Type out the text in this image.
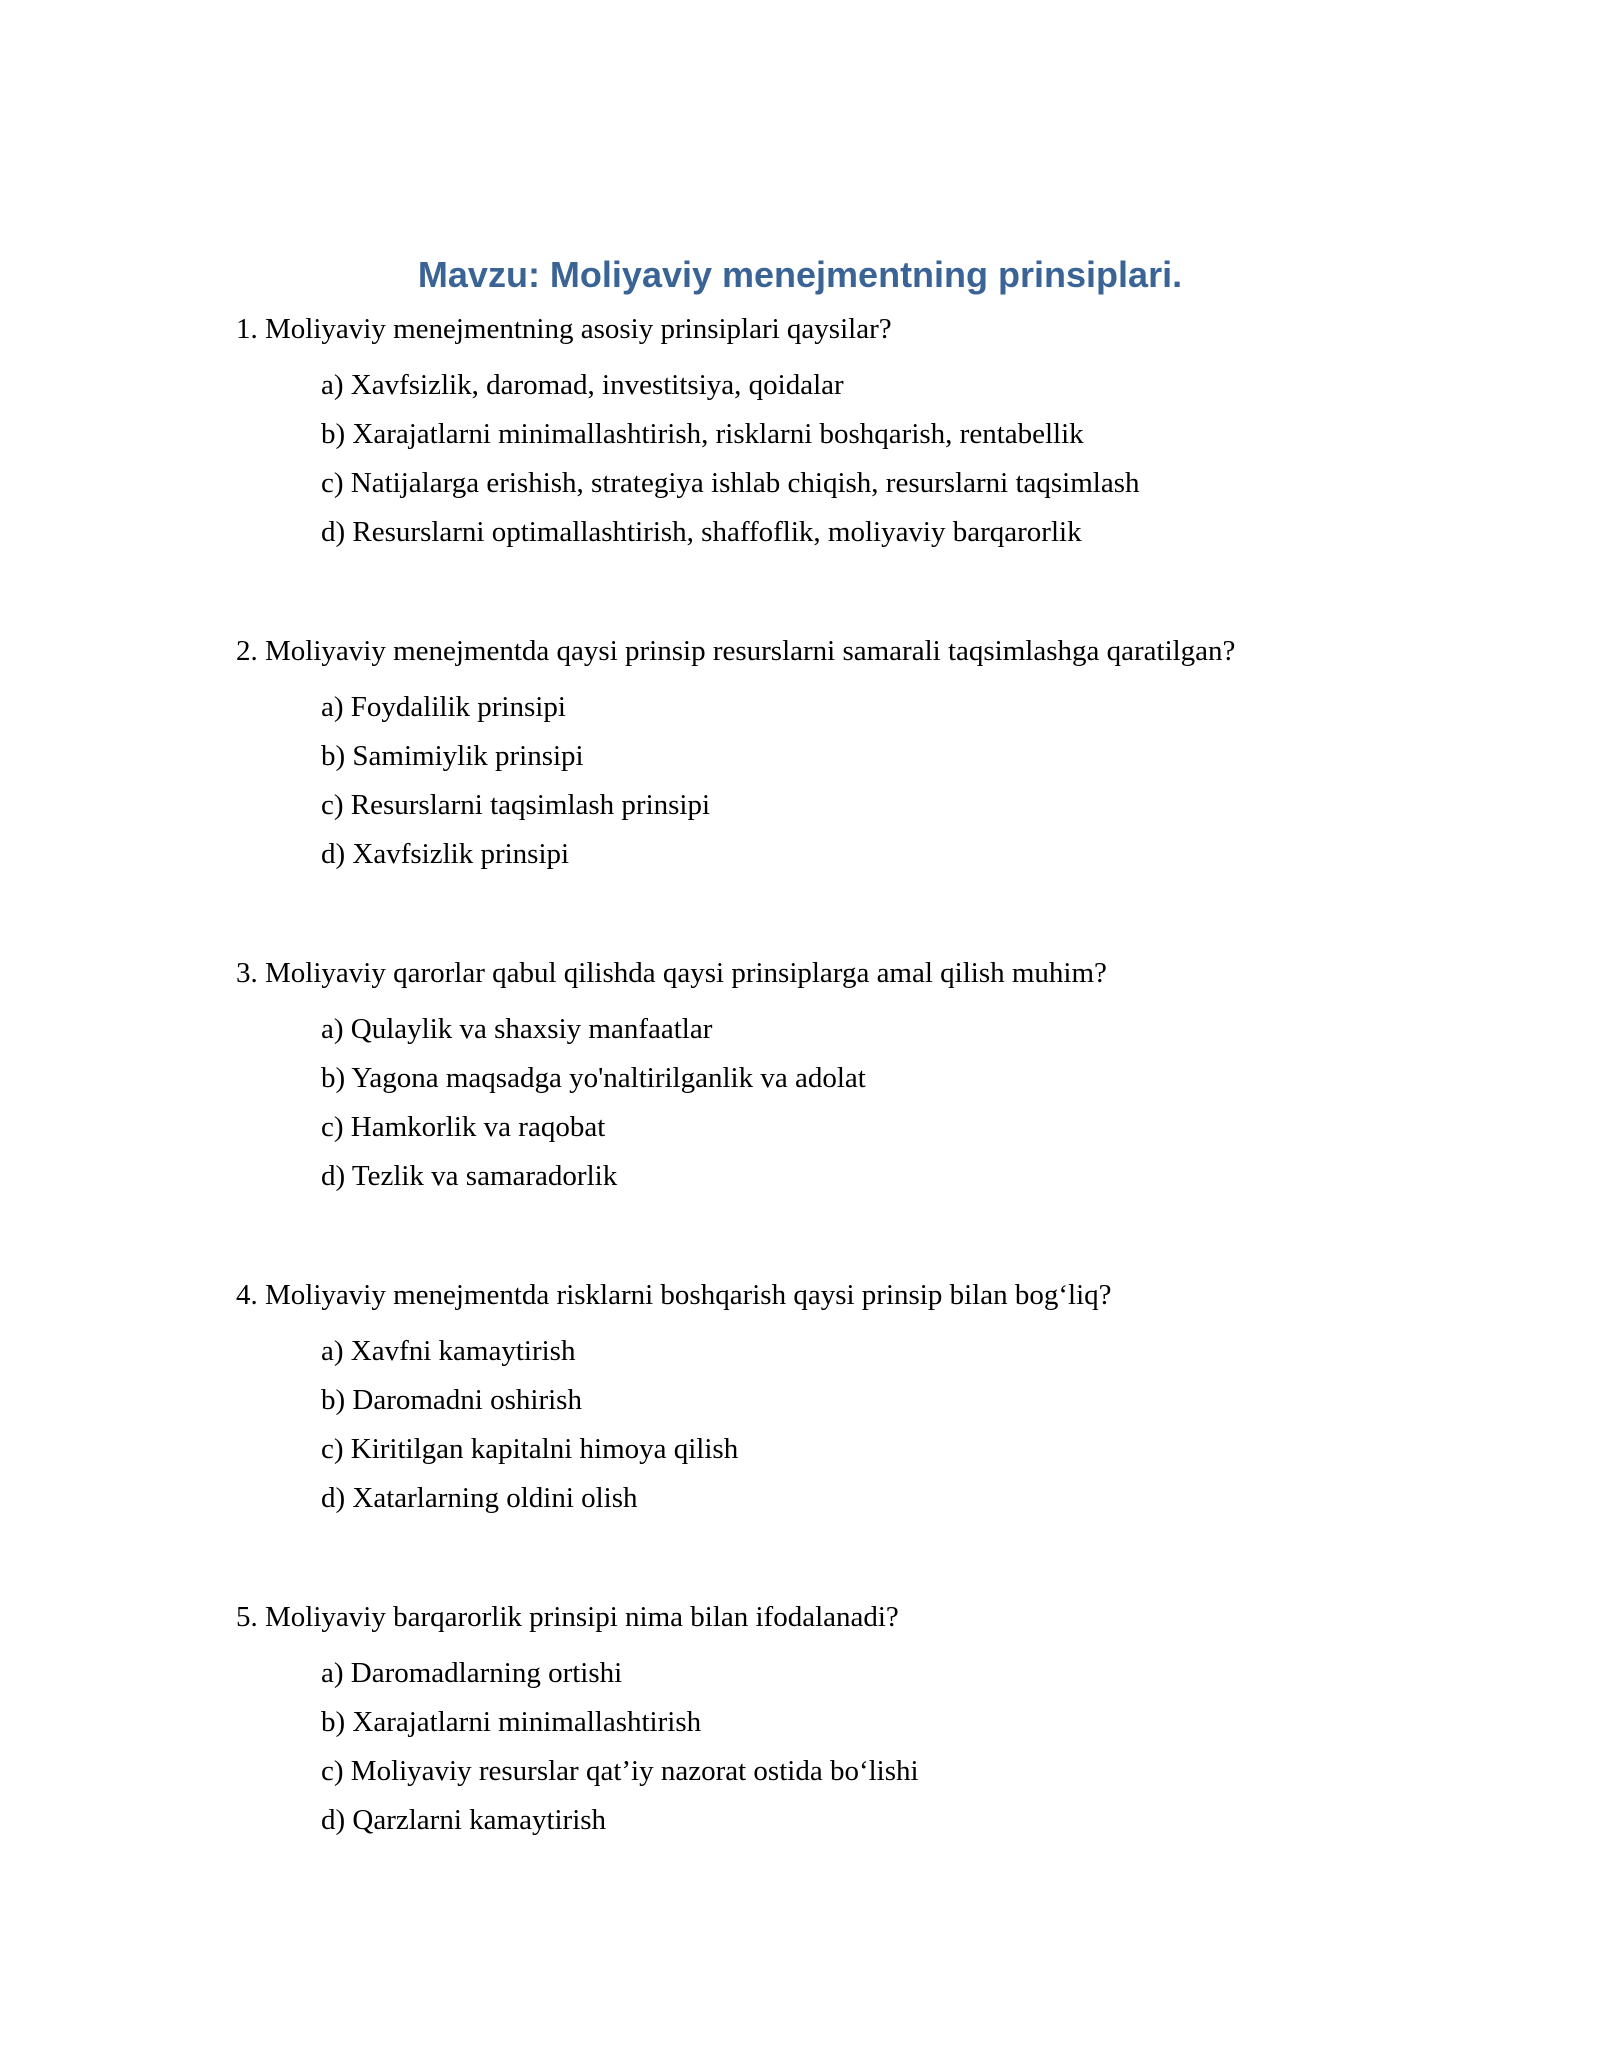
Mavzu: Moliyaviy menejmentning prinsiplari.
1. Moliyaviy menejmentning asosiy prinsiplari qaysilar?
a) Xavfsizlik, daromad, investitsiya, qoidalar
b) Xarajatlarni minimallashtirish, risklarni boshqarish, rentabellik
c) Natijalarga erishish, strategiya ishlab chiqish, resurslarni taqsimlash
d) Resurslarni optimallashtirish, shaffoflik, moliyaviy barqarorlik
2. Moliyaviy menejmentda qaysi prinsip resurslarni samarali taqsimlashga qaratilgan?
a) Foydalilik prinsipi
b) Samimiylik prinsipi
c) Resurslarni taqsimlash prinsipi
d) Xavfsizlik prinsipi
3. Moliyaviy qarorlar qabul qilishda qaysi prinsiplarga amal qilish muhim?
a) Qulaylik va shaxsiy manfaatlar
b) Yagona maqsadga yo'naltirilganlik va adolat
c) Hamkorlik va raqobat
d) Tezlik va samaradorlik
4. Moliyaviy menejmentda risklarni boshqarish qaysi prinsip bilan bog‘liq?
a) Xavfni kamaytirish
b) Daromadni oshirish
c) Kiritilgan kapitalni himoya qilish
d) Xatarlarning oldini olish
5. Moliyaviy barqarorlik prinsipi nima bilan ifodalanadi?
a) Daromadlarning ortishi
b) Xarajatlarni minimallashtirish
c) Moliyaviy resurslar qat’iy nazorat ostida bo‘lishi
d) Qarzlarni kamaytirish
